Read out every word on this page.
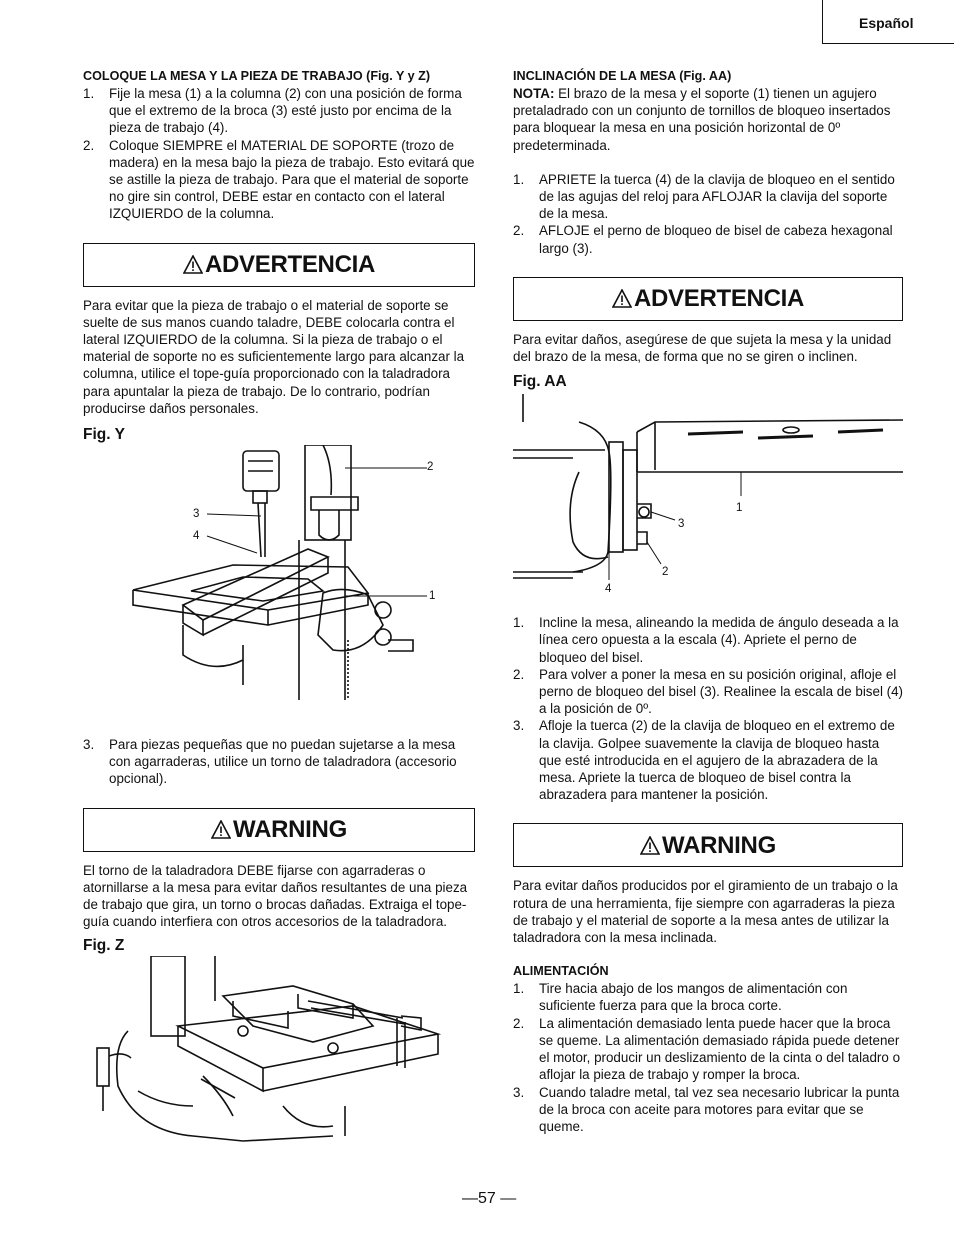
Español
COLOQUE LA MESA Y LA PIEZA DE TRABAJO (Fig. Y y Z)
1. Fije la mesa (1) a la columna (2) con una posición de forma que el extremo de la broca (3) esté justo por encima de la pieza de trabajo (4).
2. Coloque SIEMPRE el MATERIAL DE SOPORTE (trozo de madera) en la mesa bajo la pieza de trabajo. Esto evitará que se astille la pieza de trabajo. Para que el material de soporte no gire sin control, DEBE estar en contacto con el lateral IZQUIERDO de la columna.
ADVERTENCIA

Para evitar que la pieza de trabajo o el material de soporte se suelte de sus manos cuando taladre, DEBE colocarla contra el lateral IZQUIERDO de la columna. Si la pieza de trabajo o el material de soporte no es suficientemente largo para alcanzar la columna, utilice el tope-guía proporcionado con la taladradora para apuntalar la pieza de trabajo. De lo contrario, podrían producirse daños personales.

Fig. Y
2
3
4
1
3. Para piezas pequeñas que no puedan sujetarse a la mesa con agarraderas, utilice un torno de taladradora (accesorio opcional).
WARNING

El torno de la taladradora DEBE fijarse con agarraderas o atornillarse a la mesa para evitar daños resultantes de una pieza de trabajo que gira, un torno o brocas dañadas. Extraiga el tope-guía cuando interfiera con otros accesorios de la taladradora.

Fig. Z
INCLINACIÓN DE LA MESA (Fig. AA)

NOTA: El brazo de la mesa y el soporte (1) tienen un agujero pretaladrado con un conjunto de tornillos de bloqueo insertados para bloquear la mesa en una posición horizontal de 0º predeterminada.

1. APRIETE la tuerca (4) de la clavija de bloqueo en el sentido de las agujas del reloj para AFLOJAR la clavija del soporte de la mesa.
2. AFLOJE el perno de bloqueo de bisel de cabeza hexagonal largo (3).
ADVERTENCIA

Para evitar daños, asegúrese de que sujeta la mesa y la unidad del brazo de la mesa, de forma que no se giren o inclinen.

Fig. AA
1
3
2
4
1. Incline la mesa, alineando la medida de ángulo deseada a la línea cero opuesta a la escala (4). Apriete el perno de bloqueo del bisel.
2. Para volver a poner la mesa en su posición original, afloje el perno de bloqueo del bisel (3). Realinee la escala de bisel (4) a la posición de 0º.
3. Afloje la tuerca (2) de la clavija de bloqueo en el extremo de la clavija. Golpee suavemente la clavija de bloqueo hasta que esté introducida en el agujero de la abrazadera de la mesa. Apriete la tuerca de bloqueo de bisel contra la abrazadera para mantener la posición.
WARNING

Para evitar daños producidos por el giramiento de un trabajo o la rotura de una herramienta, fije siempre con agarraderas la pieza de trabajo y el material de soporte a la mesa antes de utilizar la taladradora con la mesa inclinada.

ALIMENTACIÓN
1. Tire hacia abajo de los mangos de alimentación con suficiente fuerza para que la broca corte.
2. La alimentación demasiado lenta puede hacer que la broca se queme. La alimentación demasiado rápida puede detener el motor, producir un deslizamiento de la cinta o del taladro o aflojar la pieza de trabajo y romper la broca.
3. Cuando taladre metal, tal vez sea necesario lubricar la punta de la broca con aceite para motores para evitar que se queme.
—57 —
